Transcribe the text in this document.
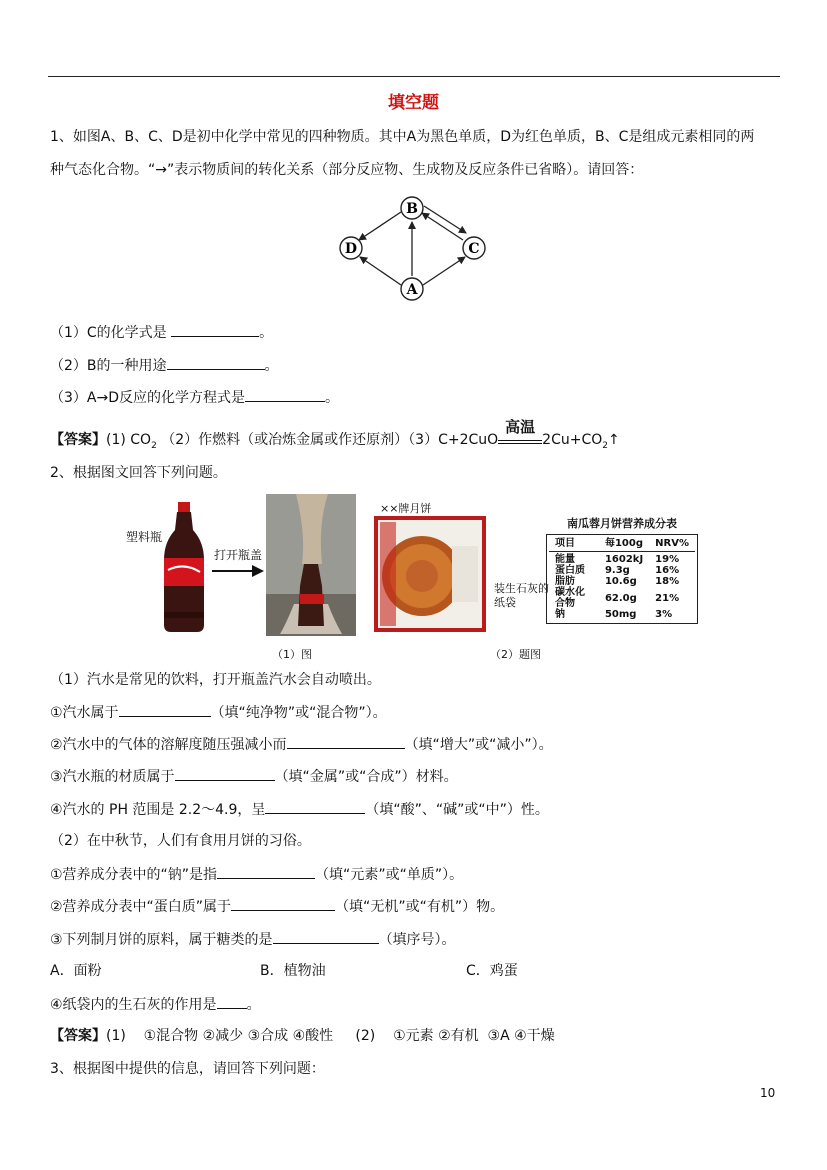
填空题
1、如图A、B、C、D是初中化学中常见的四种物质。其中A为黑色单质，D为红色单质，B、C是组成元素相同的两
种气态化合物。“→”表示物质间的转化关系（部分反应物、生成物及反应条件已省略）。请回答：
B
D	C
A
（1）C的化学式是	。
（2）B的一种用途	。
（3）A→D反应的化学方程式是	。
【答案】(1) $CO_2$ （2）作燃料（或冶炼金属或作还原剂）（3）C+2CuO
高温
$2Cu+CO_2↑$
2、根据图文回答下列问题。
塑料瓶
打开瓶盖
（1）图
××牌月饼
装生石灰的纸袋
（2）题图
南瓜蓉月饼营养成分表
项目	每100g	NRV%

能量	1602kJ	19%
蛋白质	9.3g	16%
脂肪	10.6g	18%
碳水化合物	62.0g	21%
钠	50mg	3%
（1）汽水是常见的饮料，打开瓶盖汽水会自动喷出。
①汽水属于	（填“纯净物”或“混合物”）。
②汽水中的气体的溶解度随压强减小而	（填“增大”或“减小”）。
③汽水瓶的材质属于	（填“金属”或“合成”）材料。
④汽水的 PH 范围是 2.2～4.9，呈	（填“酸”、“碱”或“中”）性。
（2）在中秋节，人们有食用月饼的习俗。
①营养成分表中的“钠”是指	（填“元素”或“单质”）。
②营养成分表中“蛋白质”属于	（填“无机”或“有机”）物。
③下列制月饼的原料，属于糖类的是	（填序号）。
A．面粉	B．植物油	C．鸡蛋
④纸袋内的生石灰的作用是 。
【答案】(1)    ①混合物 ②减少 ③合成 ④酸性     (2)    ①元素 ②有机  ③A ④干燥
3、根据图中提供的信息，请回答下列问题：
10
